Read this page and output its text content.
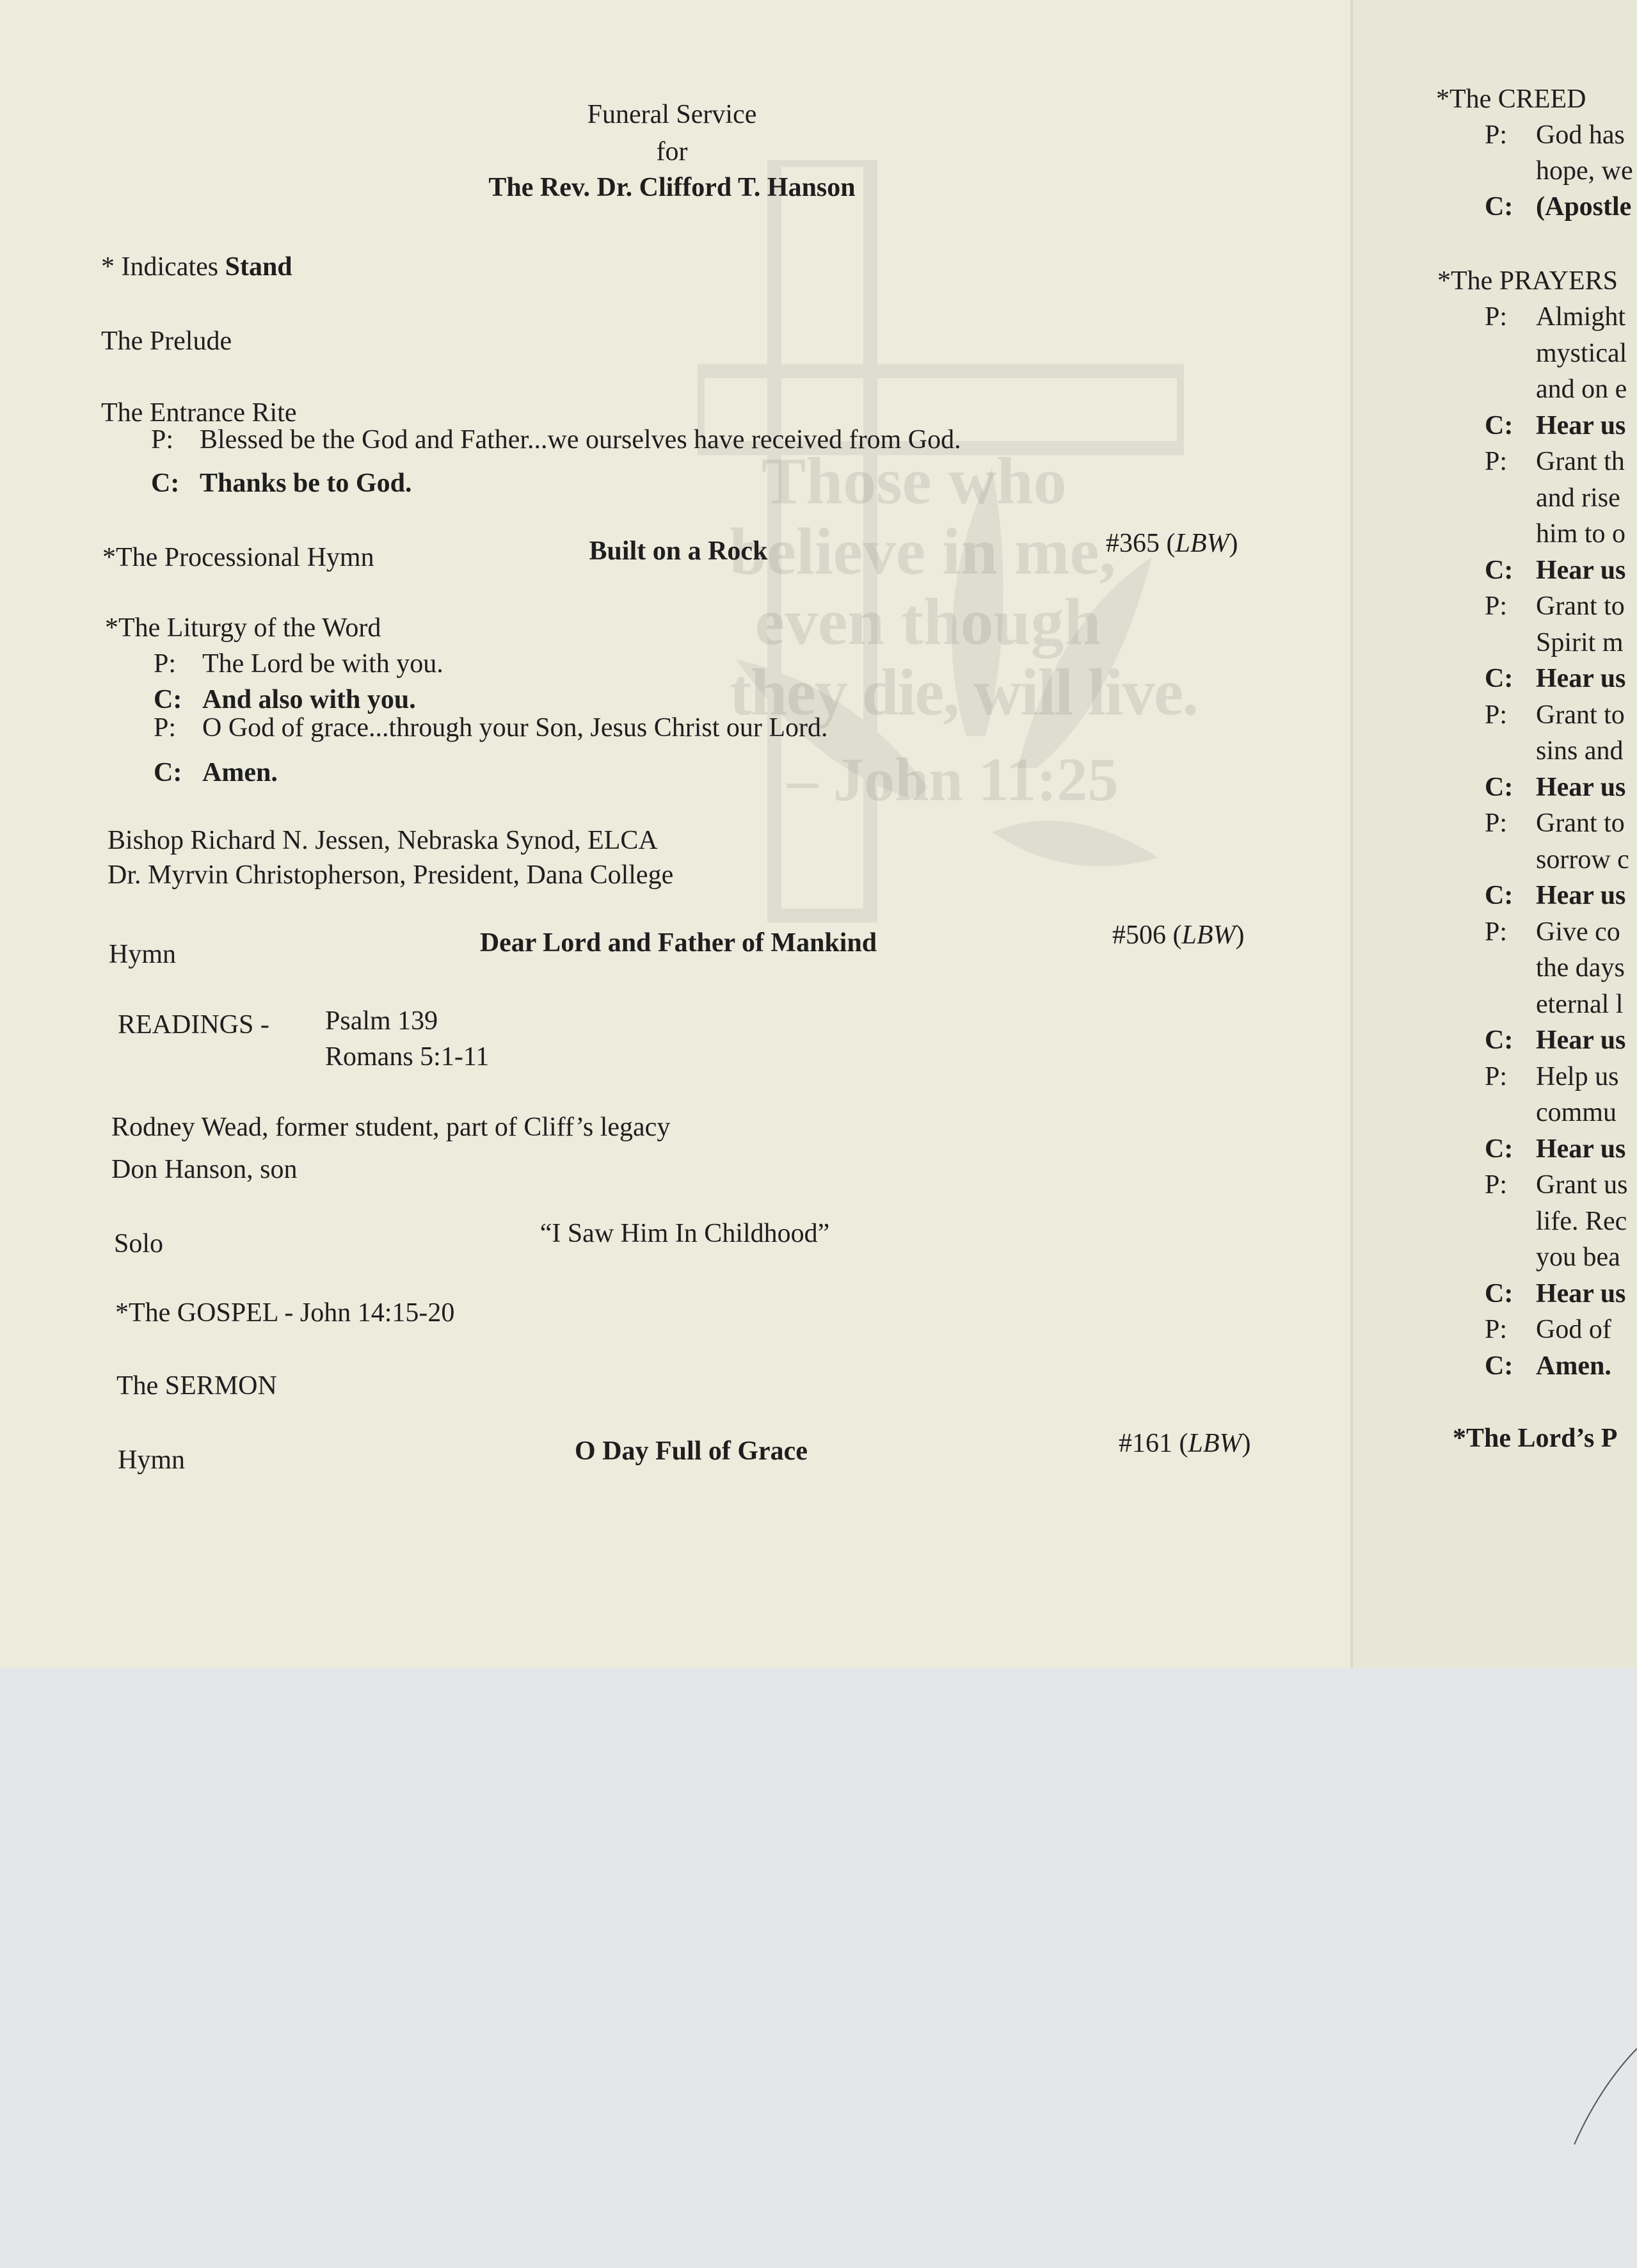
Those who
believe in me,
even though
they die, will live.
– John 11:25
Funeral Service
for
The Rev. Dr. Clifford T. Hanson
* Indicates Stand
The Prelude
The Entrance Rite
P: Blessed be the God and Father...we ourselves have received from God.
C: Thanks be to God.
*The Processional Hymn	Built on a Rock	#365 (LBW)
*The Liturgy of the Word
P: The Lord be with you.
C: And also with you.
P: O God of grace...through your Son, Jesus Christ our Lord.
C: Amen.
Bishop Richard N. Jessen, Nebraska Synod, ELCA
Dr. Myrvin Christopherson, President, Dana College
Hymn	Dear Lord and Father of Mankind	#506 (LBW)
READINGS - Psalm 139
Romans 5:1-11
Rodney Wead, former student, part of Cliff’s legacy
Don Hanson, son
Solo	“I Saw Him In Childhood”
*The GOSPEL - John 14:15-20
The SERMON
Hymn	O Day Full of Grace	#161 (LBW)
*The CREED
P: God has
hope, we
C: (Apostle
*The PRAYERS
P: Almight
mystical
and on e
C: Hear us
P: Grant th
and rise
him to o
C: Hear us
P: Grant to
Spirit m
C: Hear us
P: Grant to
sins and
C: Hear us
P: Grant to
sorrow c
C: Hear us
P: Give co
the days
eternal l
C: Hear us
P: Help us
commu
C: Hear us
P: Grant us
life. Rec
you bea
C: Hear us
P: God of
C: Amen.
*The Lord’s P
